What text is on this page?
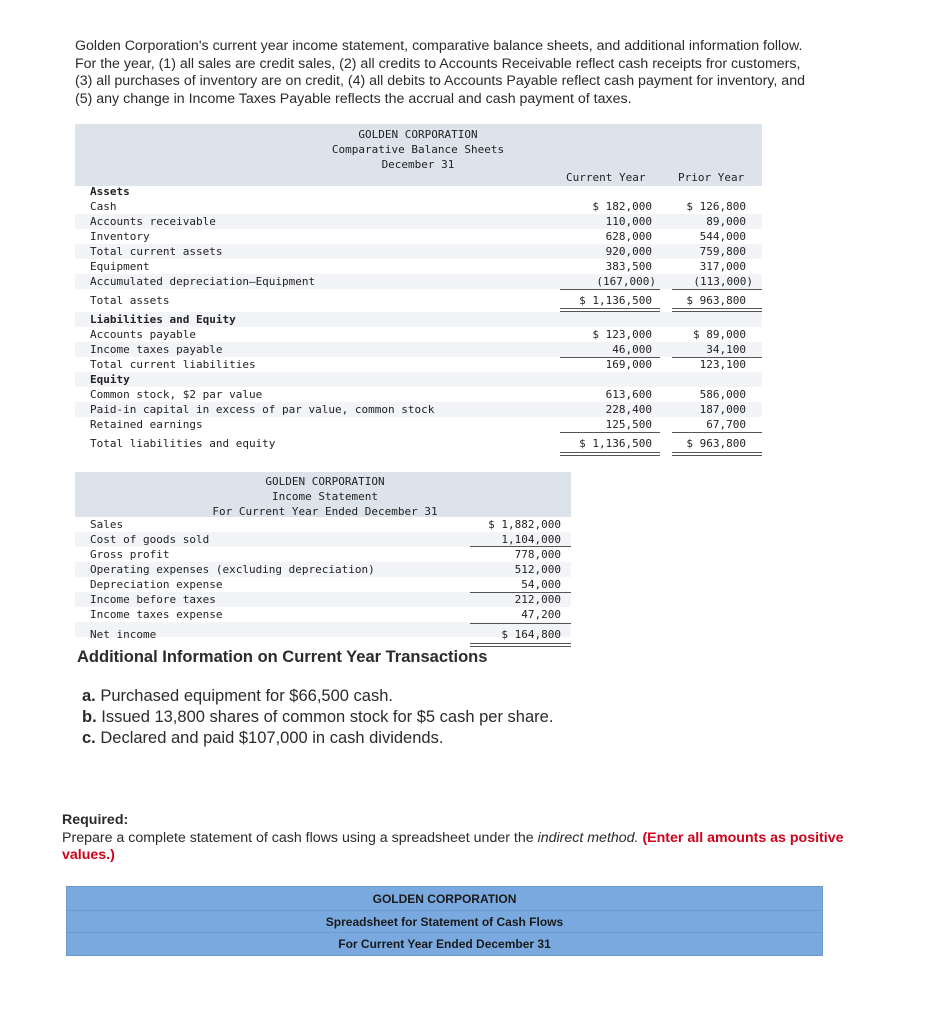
Golden Corporation's current year income statement, comparative balance sheets, and additional information follow. For the year, (1) all sales are credit sales, (2) all credits to Accounts Receivable reflect cash receipts fror customers, (3) all purchases of inventory are on credit, (4) all debits to Accounts Payable reflect cash payment for inventory, and (5) any change in Income Taxes Payable reflects the accrual and cash payment of taxes.
GOLDEN CORPORATION
Comparative Balance Sheets
December 31
Current Year	Prior Year
Assets
Cash
Accounts receivable
Inventory
Total current assets
Equipment
Accumulated depreciation—Equipment
Total assets
Liabilities and Equity
Accounts payable
Income taxes payable
Total current liabilities
Equity
Common stock, $2 par value
Paid-in capital in excess of par value, common stock
Retained earnings
Total liabilities and equity
$ 182,000
110,000
628,000
920,000
383,500
(167,000)
$ 1,136,500
$ 123,000
46,000
169,000
613,600
228,400
125,500
$ 1,136,500
$ 126,800
89,000
544,000
759,800
317,000
(113,000)
$ 963,800
$ 89,000
34,100
123,100
586,000
187,000
67,700
$ 963,800
GOLDEN CORPORATION
Income Statement
For Current Year Ended December 31
Sales
Cost of goods sold
Gross profit
Operating expenses (excluding depreciation)
Depreciation expense
Income before taxes
Income taxes expense
Net income
$ 1,882,000
1,104,000
778,000
512,000
54,000
212,000
47,200
$ 164,800
Additional Information on Current Year Transactions
a. Purchased equipment for $66,500 cash.
b. Issued 13,800 shares of common stock for $5 cash per share.
c. Declared and paid $107,000 in cash dividends.
Required:
Prepare a complete statement of cash flows using a spreadsheet under the indirect method. (Enter all amounts as positive values.)
GOLDEN CORPORATION
Spreadsheet for Statement of Cash Flows
For Current Year Ended December 31
